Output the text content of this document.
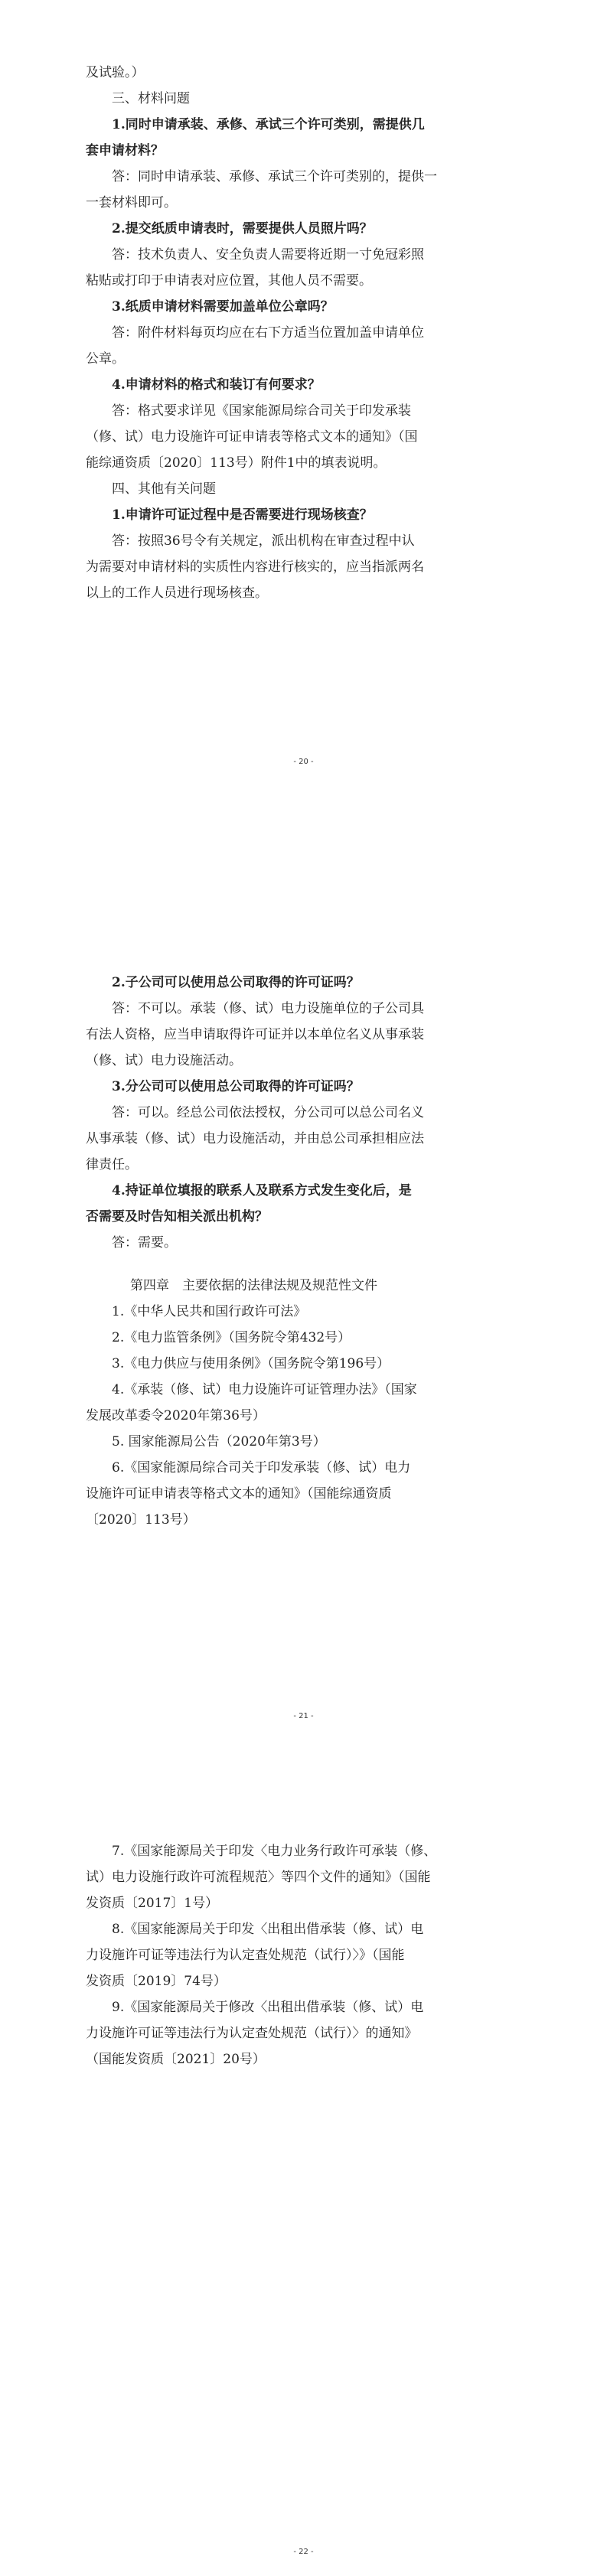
及试验。）

三、材料问题

1.同时申请承装、承修、承试三个许可类别，需提供几

套申请材料？

答：同时申请承装、承修、承试三个许可类别的，提供一

一套材料即可。

2.提交纸质申请表时，需要提供人员照片吗？

答：技术负责人、安全负责人需要将近期一寸免冠彩照

粘贴或打印于申请表对应位置，其他人员不需要。

3.纸质申请材料需要加盖单位公章吗？

答：附件材料每页均应在右下方适当位置加盖申请单位

公章。

4.申请材料的格式和装订有何要求？

答：格式要求详见《国家能源局综合司关于印发承装

（修、试）电力设施许可证申请表等格式文本的通知》（国

能综通资质〔2020〕113号）附件1中的填表说明。

四、其他有关问题

1.申请许可证过程中是否需要进行现场核查？

答：按照36号令有关规定，派出机构在审查过程中认

为需要对申请材料的实质性内容进行核实的，应当指派两名

以上的工作人员进行现场核查。

- 20 -

2.子公司可以使用总公司取得的许可证吗？

答：不可以。承装（修、试）电力设施单位的子公司具

有法人资格，应当申请取得许可证并以本单位名义从事承装

（修、试）电力设施活动。

3.分公司可以使用总公司取得的许可证吗？

答：可以。经总公司依法授权，分公司可以总公司名义

从事承装（修、试）电力设施活动，并由总公司承担相应法

律责任。

4.持证单位填报的联系人及联系方式发生变化后，是

否需要及时告知相关派出机构？

答：需要。

第四章　主要依据的法律法规及规范性文件

1.《中华人民共和国行政许可法》

2.《电力监管条例》（国务院令第432号）

3.《电力供应与使用条例》（国务院令第196号）

4.《承装（修、试）电力设施许可证管理办法》（国家

发展改革委令2020年第36号）

5. 国家能源局公告（2020年第3号）

6.《国家能源局综合司关于印发承装（修、试）电力

设施许可证申请表等格式文本的通知》（国能综通资质

〔2020〕113号）

- 21 -

7.《国家能源局关于印发〈电力业务行政许可承装（修、

试）电力设施行政许可流程规范〉等四个文件的通知》（国能

发资质〔2017〕1号）

8.《国家能源局关于印发〈出租出借承装（修、试）电

力设施许可证等违法行为认定查处规范（试行）〉》（国能

发资质〔2019〕74号）

9.《国家能源局关于修改〈出租出借承装（修、试）电

力设施许可证等违法行为认定查处规范（试行）〉的通知》

（国能发资质〔2021〕20号）

- 22 -
